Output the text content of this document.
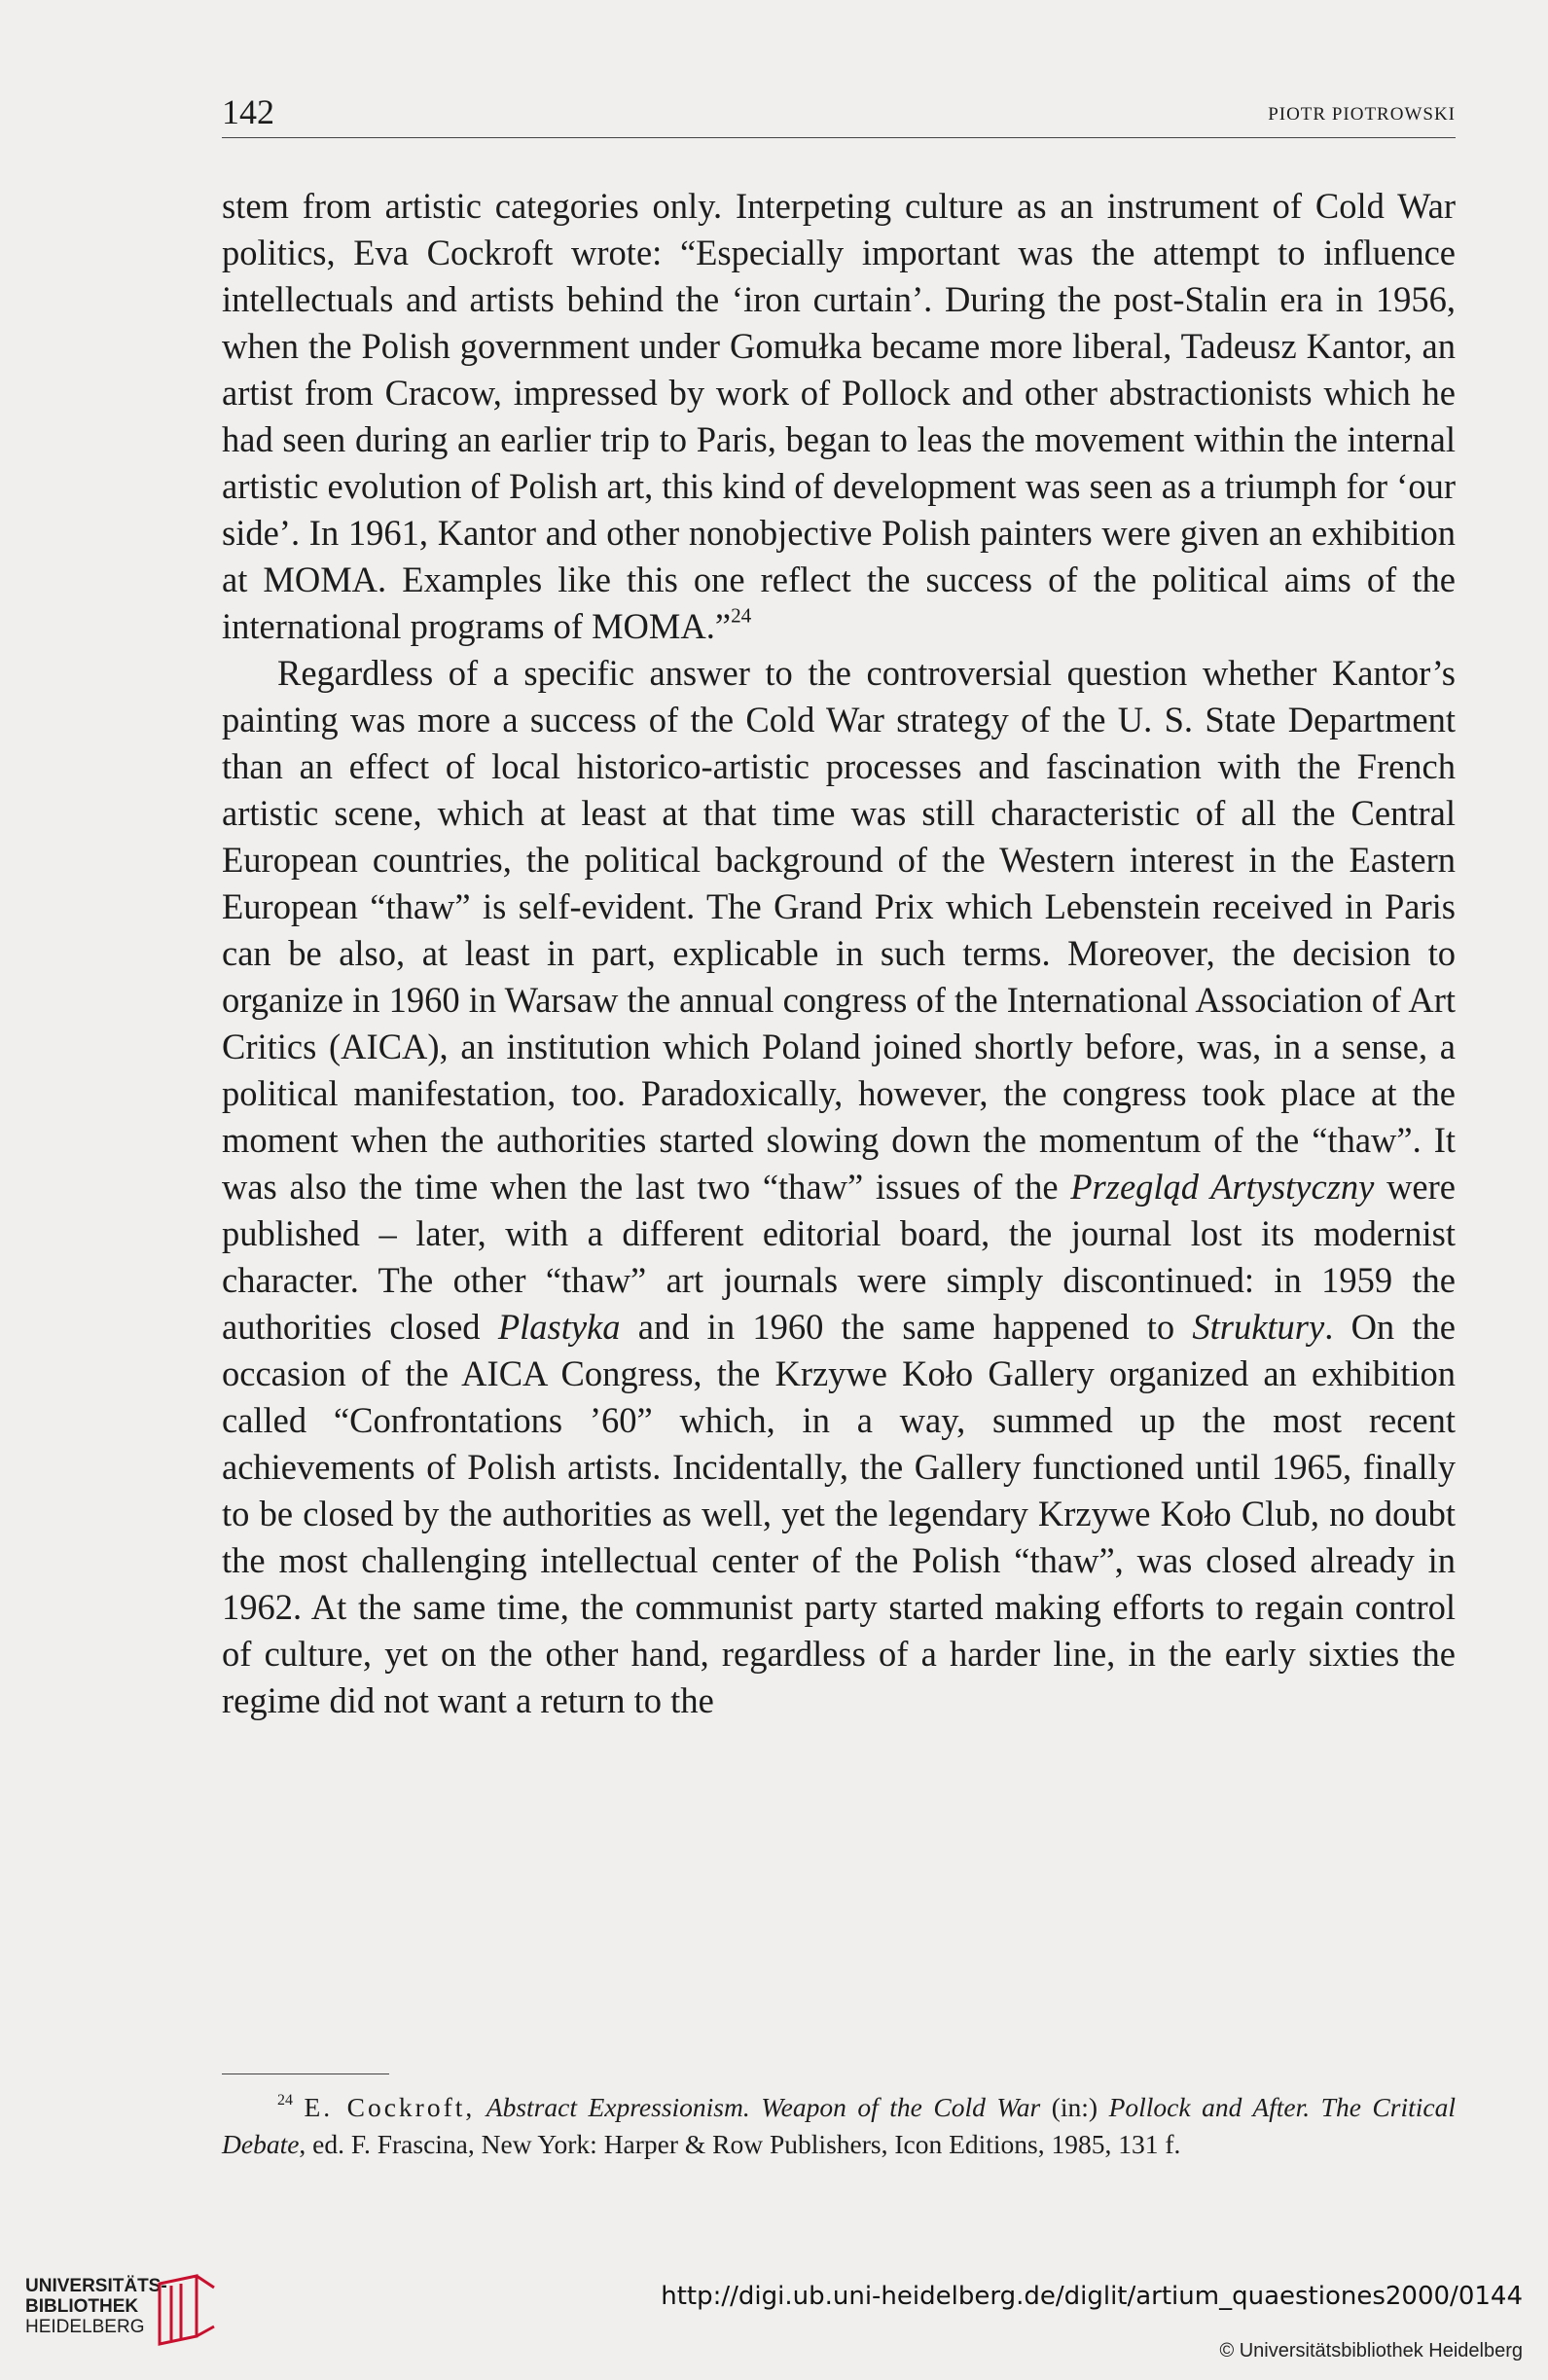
142	PIOTR PIOTROWSKI

stem from artistic categories only. Interpeting culture as an instrument of Cold War politics, Eva Cockroft wrote: “Especially important was the attempt to influence intellectuals and artists behind the ‘iron curtain’. During the post-Stalin era in 1956, when the Polish government under Gomułka became more liberal, Tadeusz Kantor, an artist from Cracow, impressed by work of Pollock and other abstractionists which he had seen during an earlier trip to Paris, began to leas the movement within the internal artistic evolution of Polish art, this kind of development was seen as a triumph for ‘our side’. In 1961, Kantor and other nonobjective Polish painters were given an exhibition at MOMA. Examples like this one reflect the success of the political aims of the international programs of MOMA.”$^{24}$

Regardless of a specific answer to the controversial question whether Kantor’s painting was more a success of the Cold War strategy of the U. S. State Department than an effect of local historico-artistic processes and fascination with the French artistic scene, which at least at that time was still characteristic of all the Central European countries, the political background of the Western interest in the Eastern European “thaw” is self-evident. The Grand Prix which Lebenstein received in Paris can be also, at least in part, explicable in such terms. Moreover, the decision to organize in 1960 in Warsaw the annual congress of the International Association of Art Critics (AICA), an institution which Poland joined shortly before, was, in a sense, a political manifestation, too. Paradoxically, however, the congress took place at the moment when the authorities started slowing down the momentum of the “thaw”. It was also the time when the last two “thaw” issues of the Przegląd Artystyczny were published – later, with a different editorial board, the journal lost its modernist character. The other “thaw” art journals were simply discontinued: in 1959 the authorities closed Plastyka and in 1960 the same happened to Struktury. On the occasion of the AICA Congress, the Krzywe Koło Gallery organized an exhibition called “Confrontations ’60” which, in a way, summed up the most recent achievements of Polish artists. Incidentally, the Gallery functioned until 1965, finally to be closed by the authorities as well, yet the legendary Krzywe Koło Club, no doubt the most challenging intellectual center of the Polish “thaw”, was closed already in 1962. At the same time, the communist party started making efforts to regain control of culture, yet on the other hand, regardless of a harder line, in the early sixties the regime did not want a return to the

$^{24}$ E. Cockroft, Abstract Expressionism. Weapon of the Cold War (in:) Pollock and After. The Critical Debate, ed. F. Frascina, New York: Harper & Row Publishers, Icon Editions, 1985, 131 f.
UNIVERSITÄTS-
BIBLIOTHEK
HEIDELBERG
http://digi.ub.uni-heidelberg.de/diglit/artium_quaestiones2000/0144
© Universitätsbibliothek Heidelberg
